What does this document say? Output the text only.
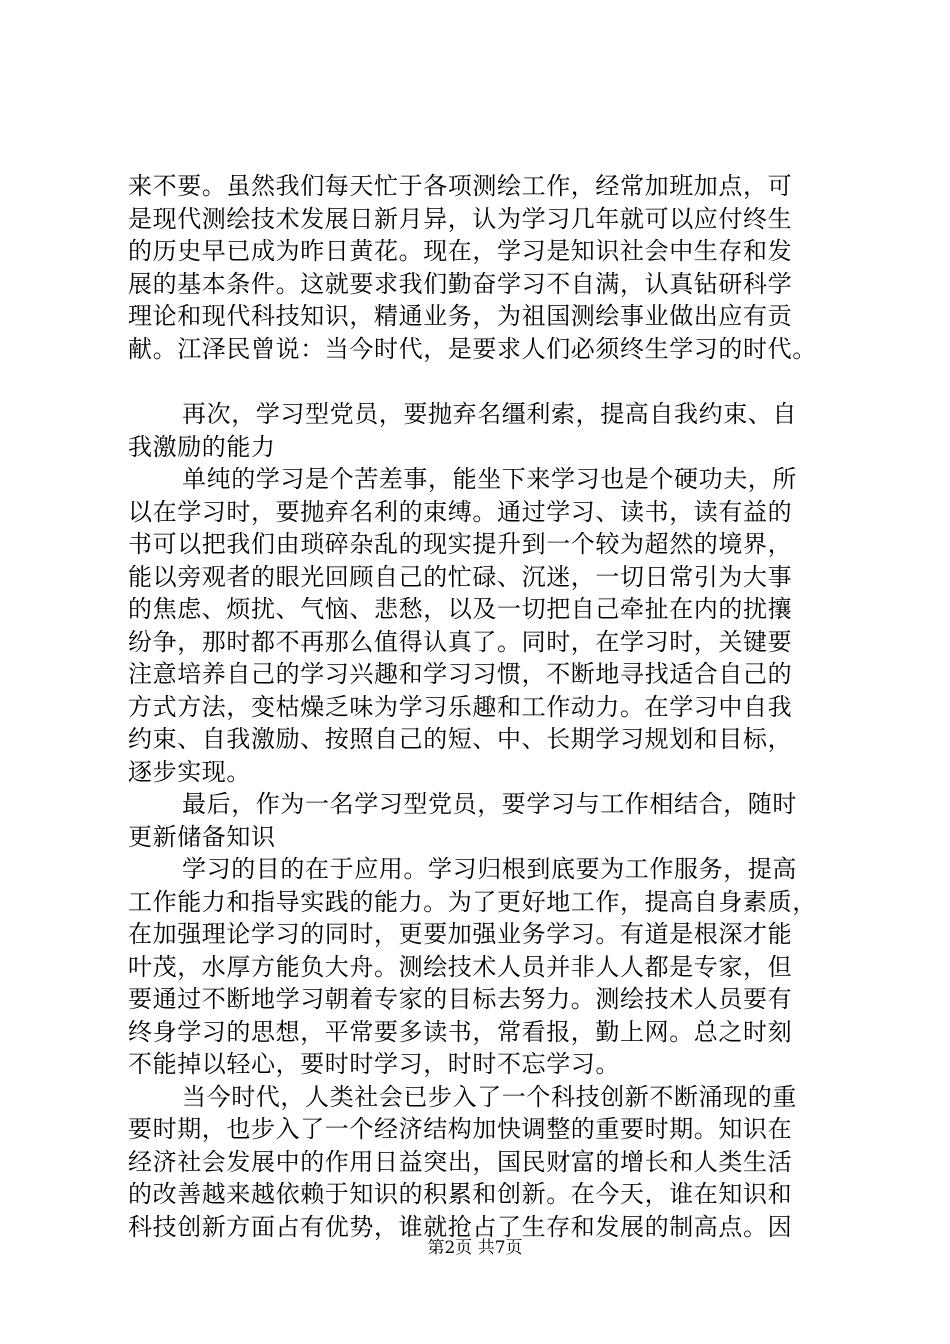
来不要。虽然我们每天忙于各项测绘工作，经常加班加点，可
是现代测绘技术发展日新月异，认为学习几年就可以应付终生
的历史早已成为昨日黄花。现在，学习是知识社会中生存和发
展的基本条件。这就要求我们勤奋学习不自满，认真钻研科学
理论和现代科技知识，精通业务，为祖国测绘事业做出应有贡
献。江泽民曾说：当今时代，是要求人们必须终生学习的时代。
再次，学习型党员，要抛弃名缰利索，提高自我约束、自
我激励的能力
单纯的学习是个苦差事，能坐下来学习也是个硬功夫，所
以在学习时，要抛弃名利的束缚。通过学习、读书，读有益的
书可以把我们由琐碎杂乱的现实提升到一个较为超然的境界，
能以旁观者的眼光回顾自己的忙碌、沉迷，一切日常引为大事
的焦虑、烦扰、气恼、悲愁，以及一切把自己牵扯在内的扰攘
纷争，那时都不再那么值得认真了。同时，在学习时，关键要
注意培养自己的学习兴趣和学习习惯，不断地寻找适合自己的
方式方法，变枯燥乏味为学习乐趣和工作动力。在学习中自我
约束、自我激励、按照自己的短、中、长期学习规划和目标，
逐步实现。
最后，作为一名学习型党员，要学习与工作相结合，随时
更新储备知识
学习的目的在于应用。学习归根到底要为工作服务，提高
工作能力和指导实践的能力。为了更好地工作，提高自身素质，
在加强理论学习的同时，更要加强业务学习。有道是根深才能
叶茂，水厚方能负大舟。测绘技术人员并非人人都是专家，但
要通过不断地学习朝着专家的目标去努力。测绘技术人员要有
终身学习的思想，平常要多读书，常看报，勤上网。总之时刻
不能掉以轻心，要时时学习，时时不忘学习。
当今时代，人类社会已步入了一个科技创新不断涌现的重
要时期，也步入了一个经济结构加快调整的重要时期。知识在
经济社会发展中的作用日益突出，国民财富的增长和人类生活
的改善越来越依赖于知识的积累和创新。在今天，谁在知识和
科技创新方面占有优势，谁就抢占了生存和发展的制高点。因
第2页 共7页
